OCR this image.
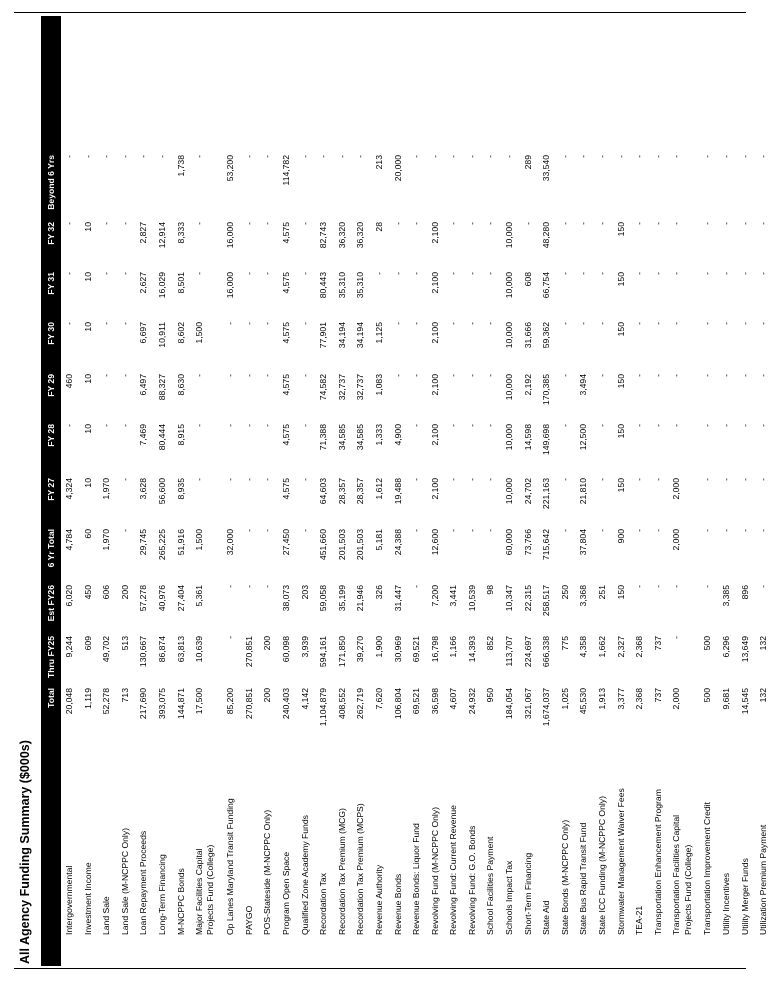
All Agency Funding Summary ($000s)
Total
Thru FY25
Est FY26
6 Yr Total
FY 27
FY 28
FY 29
FY 30
FY 31
FY 32
Beyond 6 Yrs
Intergovernmental
20,048
9,244
6,020
4,784
4,324
-
460
-
-
-
-
Investment Income
1,119
609
450
60
10
10
10
10
10
10
-
Land Sale
52,278
49,702
606
1,970
1,970
-
-
-
-
-
-
Land Sale (M-NCPPC Only)
713
513
200
-
-
-
-
-
-
-
-
Loan Repayment Proceeds
217,690
130,667
57,278
29,745
3,628
7,469
6,497
6,697
2,627
2,827
-
Long-Term Financing
393,075
86,874
40,976
265,225
56,600
80,444
88,327
10,911
16,029
12,914
-
M-NCPPC Bonds
144,871
63,813
27,404
51,916
8,935
8,915
8,630
8,602
8,501
8,333
1,738
Major Facilities Capital Projects Fund (College)
17,500
10,639
5,361
1,500
-
-
-
1,500
-
-
-
Op Lanes Maryland Transit Funding
85,200
-
-
32,000
-
-
-
-
16,000
16,000
53,200
PAYGO
270,851
270,851
-
-
-
-
-
-
-
-
-
POS-Stateside (M-NCPPC Only)
200
200
-
-
-
-
-
-
-
-
-
Program Open Space
240,403
60,098
38,073
27,450
4,575
4,575
4,575
4,575
4,575
4,575
114,782
Qualified Zone Academy Funds
4,142
3,939
203
-
-
-
-
-
-
-
-
Recordation Tax
1,104,879
594,161
59,058
451,660
64,603
71,388
74,582
77,901
80,443
82,743
-
Recordation Tax Premium (MCG)
408,552
171,850
35,199
201,503
28,357
34,585
32,737
34,194
35,310
36,320
-
Recordation Tax Premium (MCPS)
262,719
39,270
21,946
201,503
28,357
34,585
32,737
34,194
35,310
36,320
-
Revenue Authority
7,620
1,900
326
5,181
1,612
1,333
1,083
1,125
-
28
213
Revenue Bonds
106,804
30,969
31,447
24,388
19,488
4,900
-
-
-
-
20,000
Revenue Bonds: Liquor Fund
69,521
69,521
-
-
-
-
-
-
-
-
-
Revolving Fund (M-NCPPC Only)
36,598
16,798
7,200
12,600
2,100
2,100
2,100
2,100
2,100
2,100
-
Revolving Fund: Current Revenue
4,607
1,166
3,441
-
-
-
-
-
-
-
-
Revolving Fund: G.O. Bonds
24,932
14,393
10,539
-
-
-
-
-
-
-
-
School Facilities Payment
950
852
98
-
-
-
-
-
-
-
-
Schools Impact Tax
184,054
113,707
10,347
60,000
10,000
10,000
10,000
10,000
10,000
10,000
-
Short-Term Financing
321,067
224,697
22,315
73,766
24,702
14,598
2,192
31,666
608
-
289
State Aid
1,674,037
666,338
258,517
715,642
221,163
149,698
170,385
59,362
66,754
48,280
33,540
State Bonds (M-NCPPC Only)
1,025
775
250
-
-
-
-
-
-
-
-
State Bus Rapid Transit Fund
45,530
4,358
3,368
37,804
21,810
12,500
3,494
-
-
-
-
State ICC Funding (M-NCPPC Only)
1,913
1,662
251
-
-
-
-
-
-
-
-
Stormwater Management Waiver Fees
3,377
2,327
150
900
150
150
150
150
150
150
-
TEA-21
2,368
2,368
-
-
-
-
-
-
-
-
-
Transportation Enhancement Program
737
737
-
-
-
-
-
-
-
-
-
Transportation Facilities Capital Projects Fund (College)
2,000
-
-
2,000
2,000
-
-
-
-
-
-
Transportation Improvement Credit
500
500
-
-
-
-
-
-
-
-
-
Utility Incentives
9,681
6,296
3,385
-
-
-
-
-
-
-
-
Utility Merger Funds
14,545
13,649
896
-
-
-
-
-
-
-
-
Utilization Premium Payment
132
132
-
-
-
-
-
-
-
-
-
